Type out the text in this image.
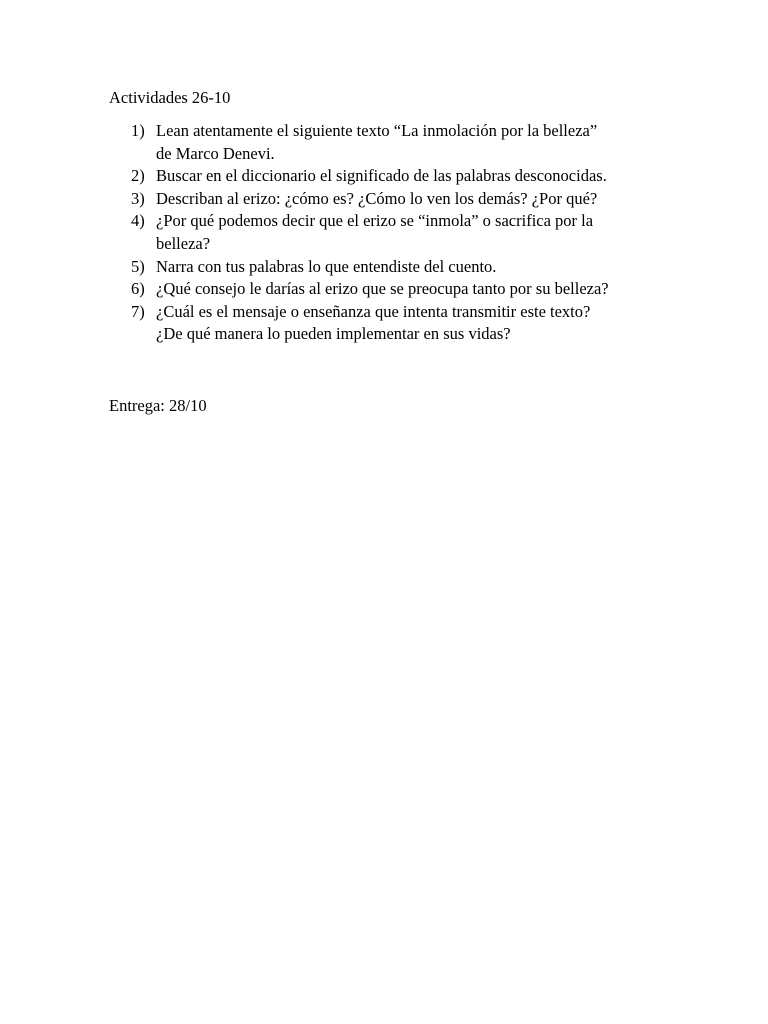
Actividades 26-10
1) Lean atentamente el siguiente texto “La inmolación por la belleza”
de Marco Denevi.
2) Buscar en el diccionario el significado de las palabras desconocidas.
3) Describan al erizo: ¿cómo es? ¿Cómo lo ven los demás? ¿Por qué?
4) ¿Por qué podemos decir que el erizo se “inmola” o sacrifica por la
belleza?
5) Narra con tus palabras lo que entendiste del cuento.
6) ¿Qué consejo le darías al erizo que se preocupa tanto por su belleza?
7) ¿Cuál es el mensaje o enseñanza que intenta transmitir este texto?
¿De qué manera lo pueden implementar en sus vidas?
Entrega: 28/10
